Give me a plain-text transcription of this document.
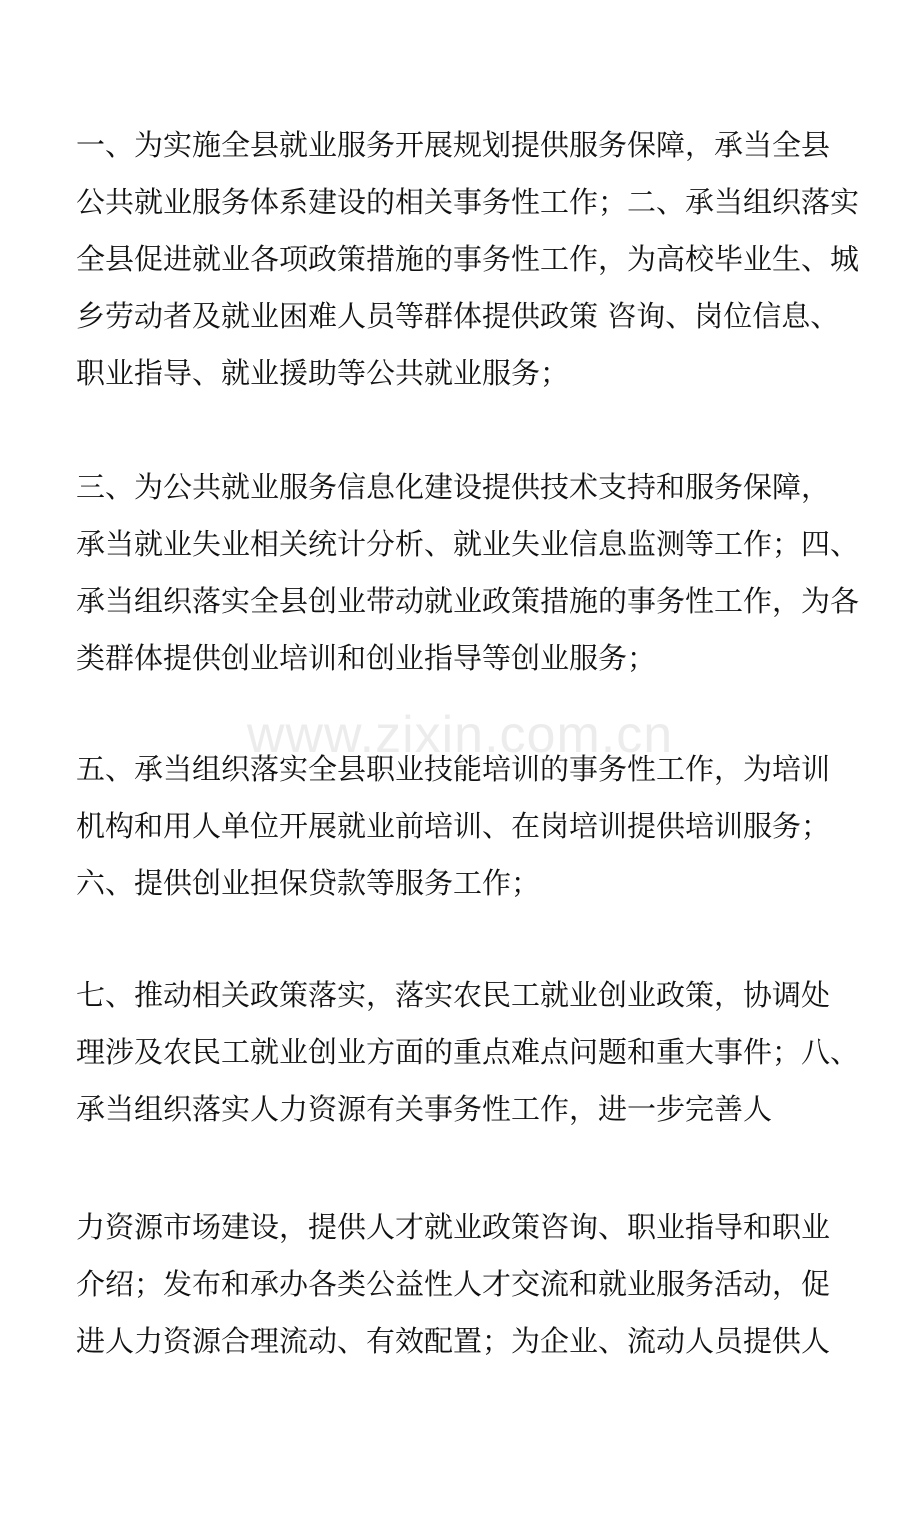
一、为实施全县就业服务开展规划提供服务保障，承当全县
公共就业服务体系建设的相关事务性工作；二、承当组织落实
全县促进就业各项政策措施的事务性工作，为高校毕业生、城
乡劳动者及就业困难人员等群体提供政策 咨询、岗位信息、
职业指导、就业援助等公共就业服务；
三、为公共就业服务信息化建设提供技术支持和服务保障，
承当就业失业相关统计分析、就业失业信息监测等工作；四、
承当组织落实全县创业带动就业政策措施的事务性工作，为各
类群体提供创业培训和创业指导等创业服务；
五、承当组织落实全县职业技能培训的事务性工作，为培训
机构和用人单位开展就业前培训、在岗培训提供培训服务；
六、提供创业担保贷款等服务工作；
七、推动相关政策落实，落实农民工就业创业政策，协调处
理涉及农民工就业创业方面的重点难点问题和重大事件；八、
承当组织落实人力资源有关事务性工作，进一步完善人
力资源市场建设，提供人才就业政策咨询、职业指导和职业
介绍；发布和承办各类公益性人才交流和就业服务活动，促
进人力资源合理流动、有效配置；为企业、流动人员提供人
www.zixin.com.cn
